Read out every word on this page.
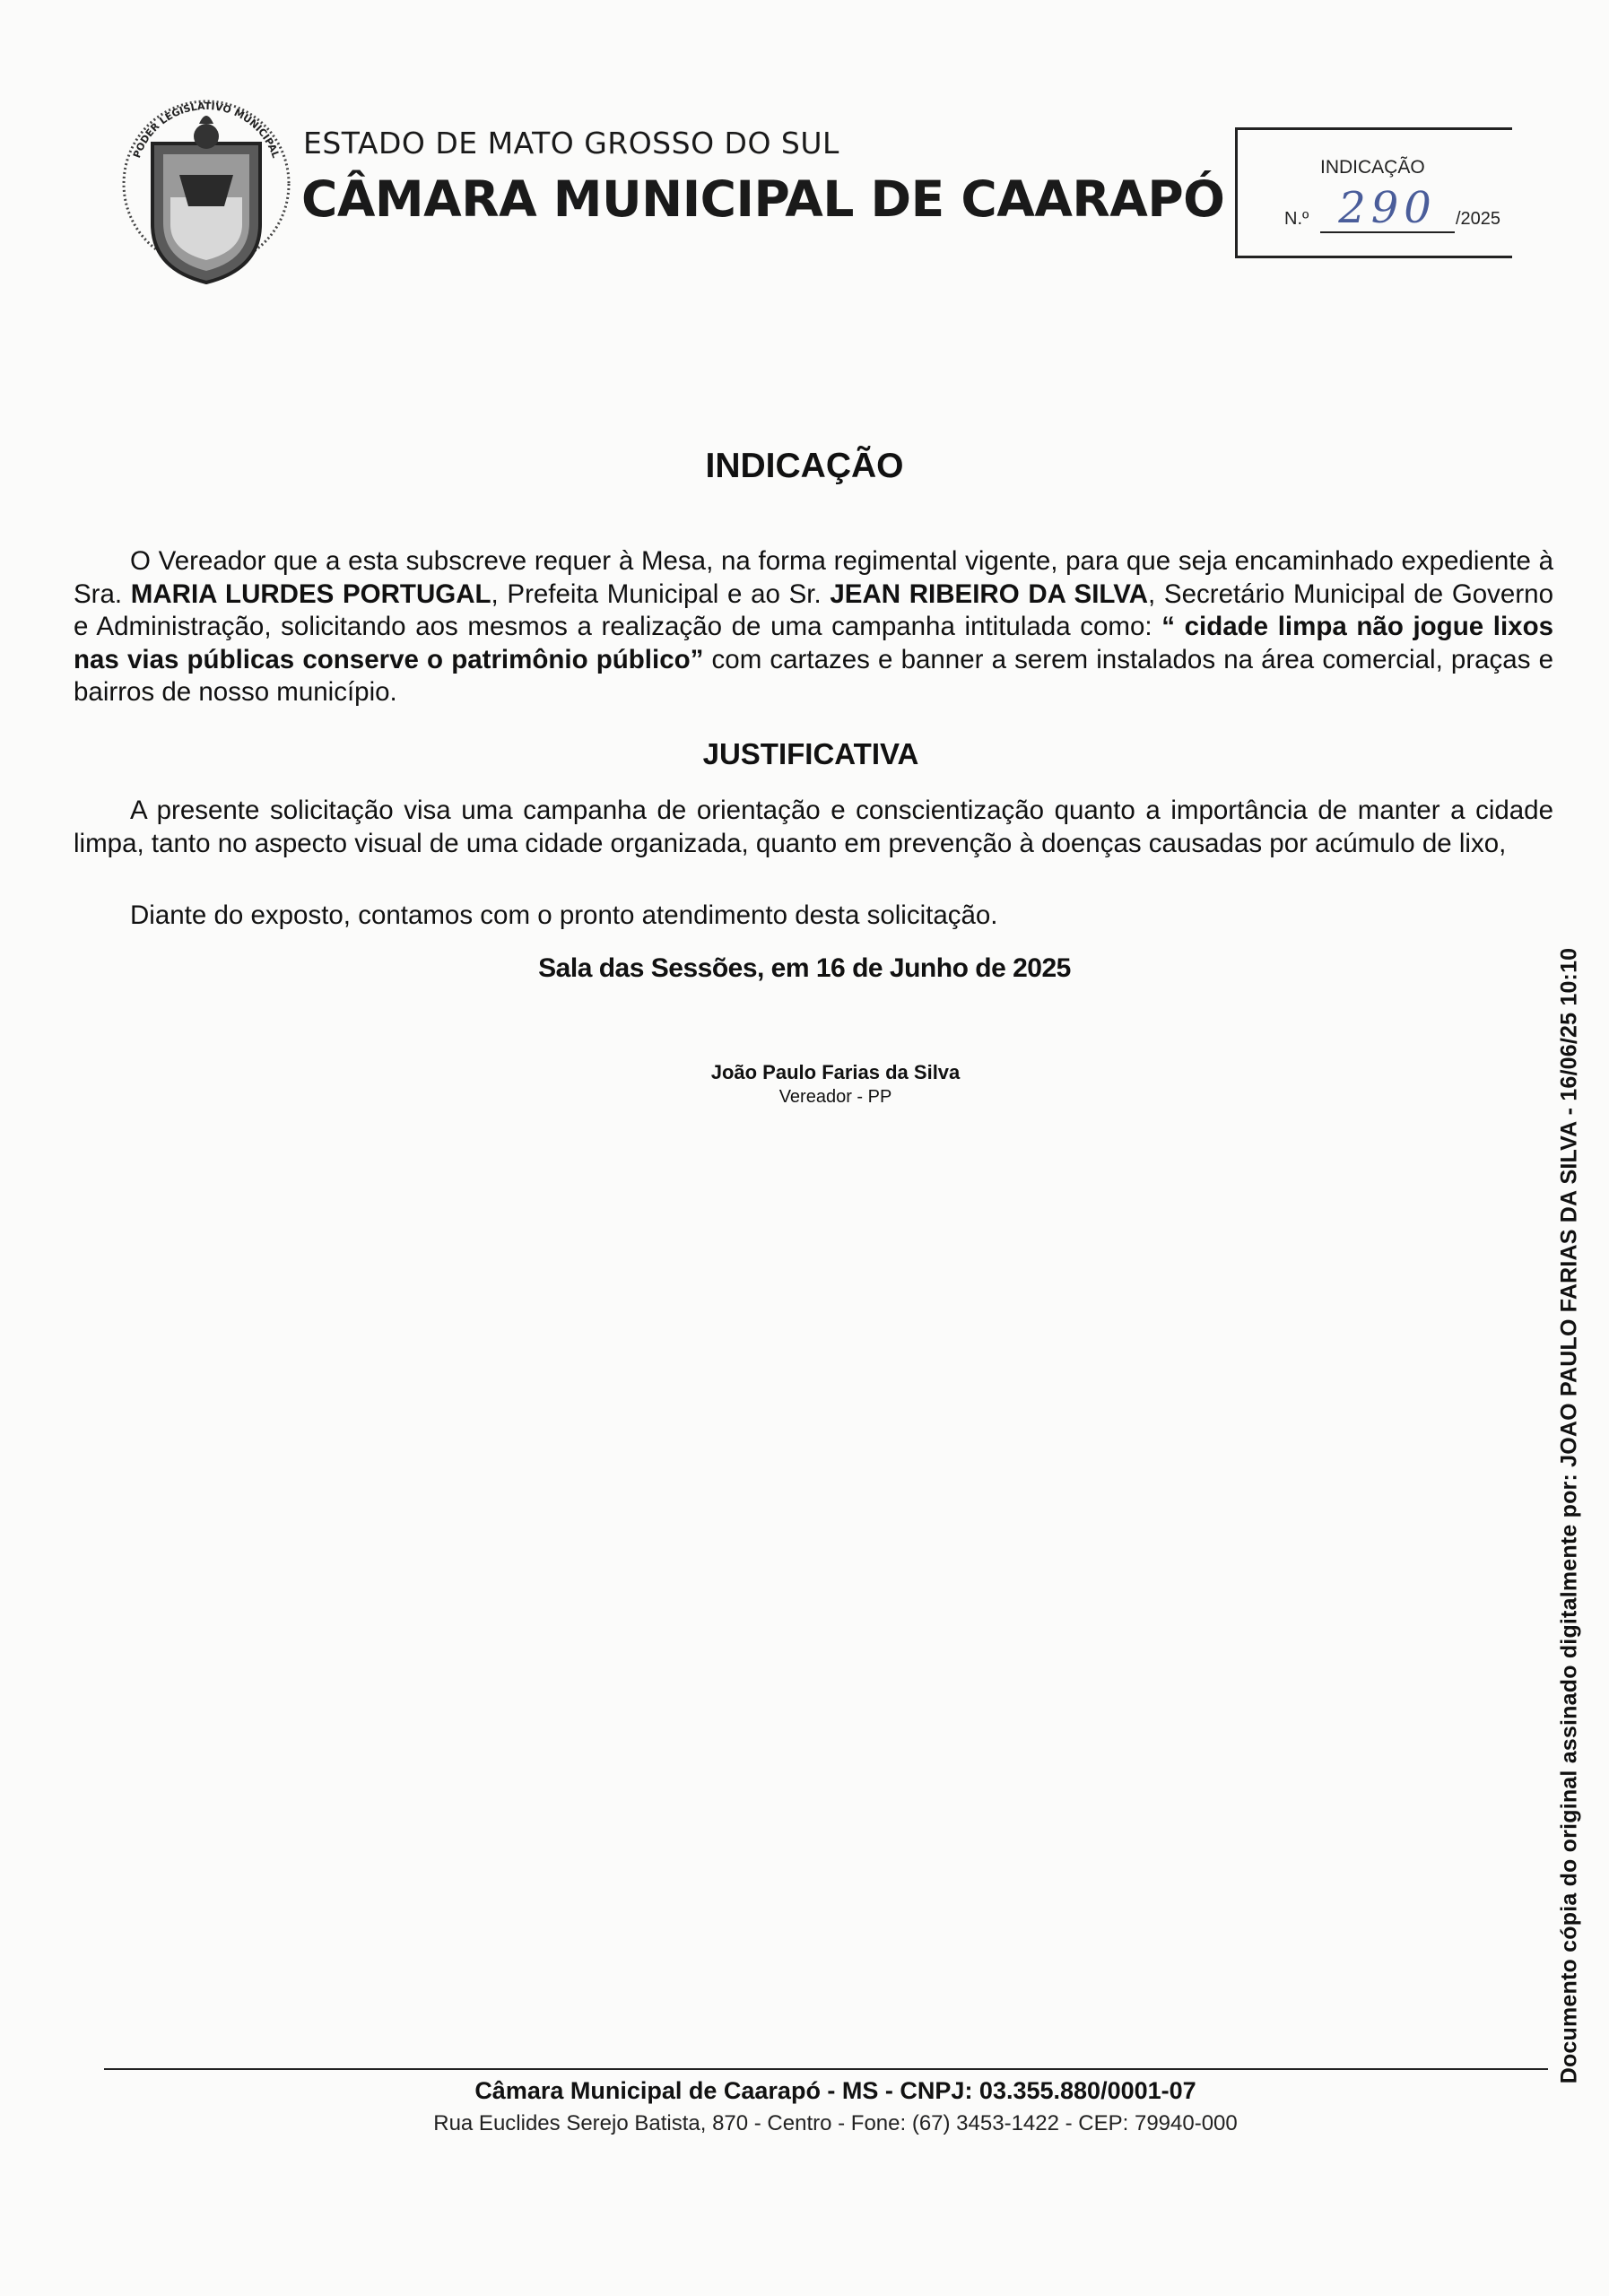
PODER LEGISLATIVO MUNICIPAL ESTADO DE MATO GROSSO DO SUL
CÂMARA MUNICIPAL DE CAARAPÓ
INDICAÇÃO
N.º 290	/2025
INDICAÇÃO
O Vereador que a esta subscreve requer à Mesa, na forma regimental vigente, para que seja encaminhado expediente à Sra. MARIA LURDES PORTUGAL, Prefeita Municipal e ao Sr. JEAN RIBEIRO DA SILVA, Secretário Municipal de Governo e Administração, solicitando aos mesmos a realização de uma campanha intitulada como: “ cidade limpa não jogue lixos nas vias públicas conserve o patrimônio público” com cartazes e banner a serem instalados na área comercial, praças e bairros de nosso município.
JUSTIFICATIVA
A presente solicitação visa uma campanha de orientação e conscientização quanto a importância de manter a cidade limpa, tanto no aspecto visual de uma cidade organizada, quanto em prevenção à doenças causadas por acúmulo de lixo,
Diante do exposto, contamos com o pronto atendimento desta solicitação.
Sala das Sessões, em 16 de Junho de 2025
João Paulo Farias da Silva
Vereador - PP
Câmara Municipal de Caarapó - MS - CNPJ: 03.355.880/0001-07
Rua Euclides Serejo Batista, 870 - Centro - Fone: (67) 3453-1422 - CEP: 79940-000
Documento cópia do original assinado digitalmente por: JOAO PAULO FARIAS DA SILVA - 16/06/25 10:10
